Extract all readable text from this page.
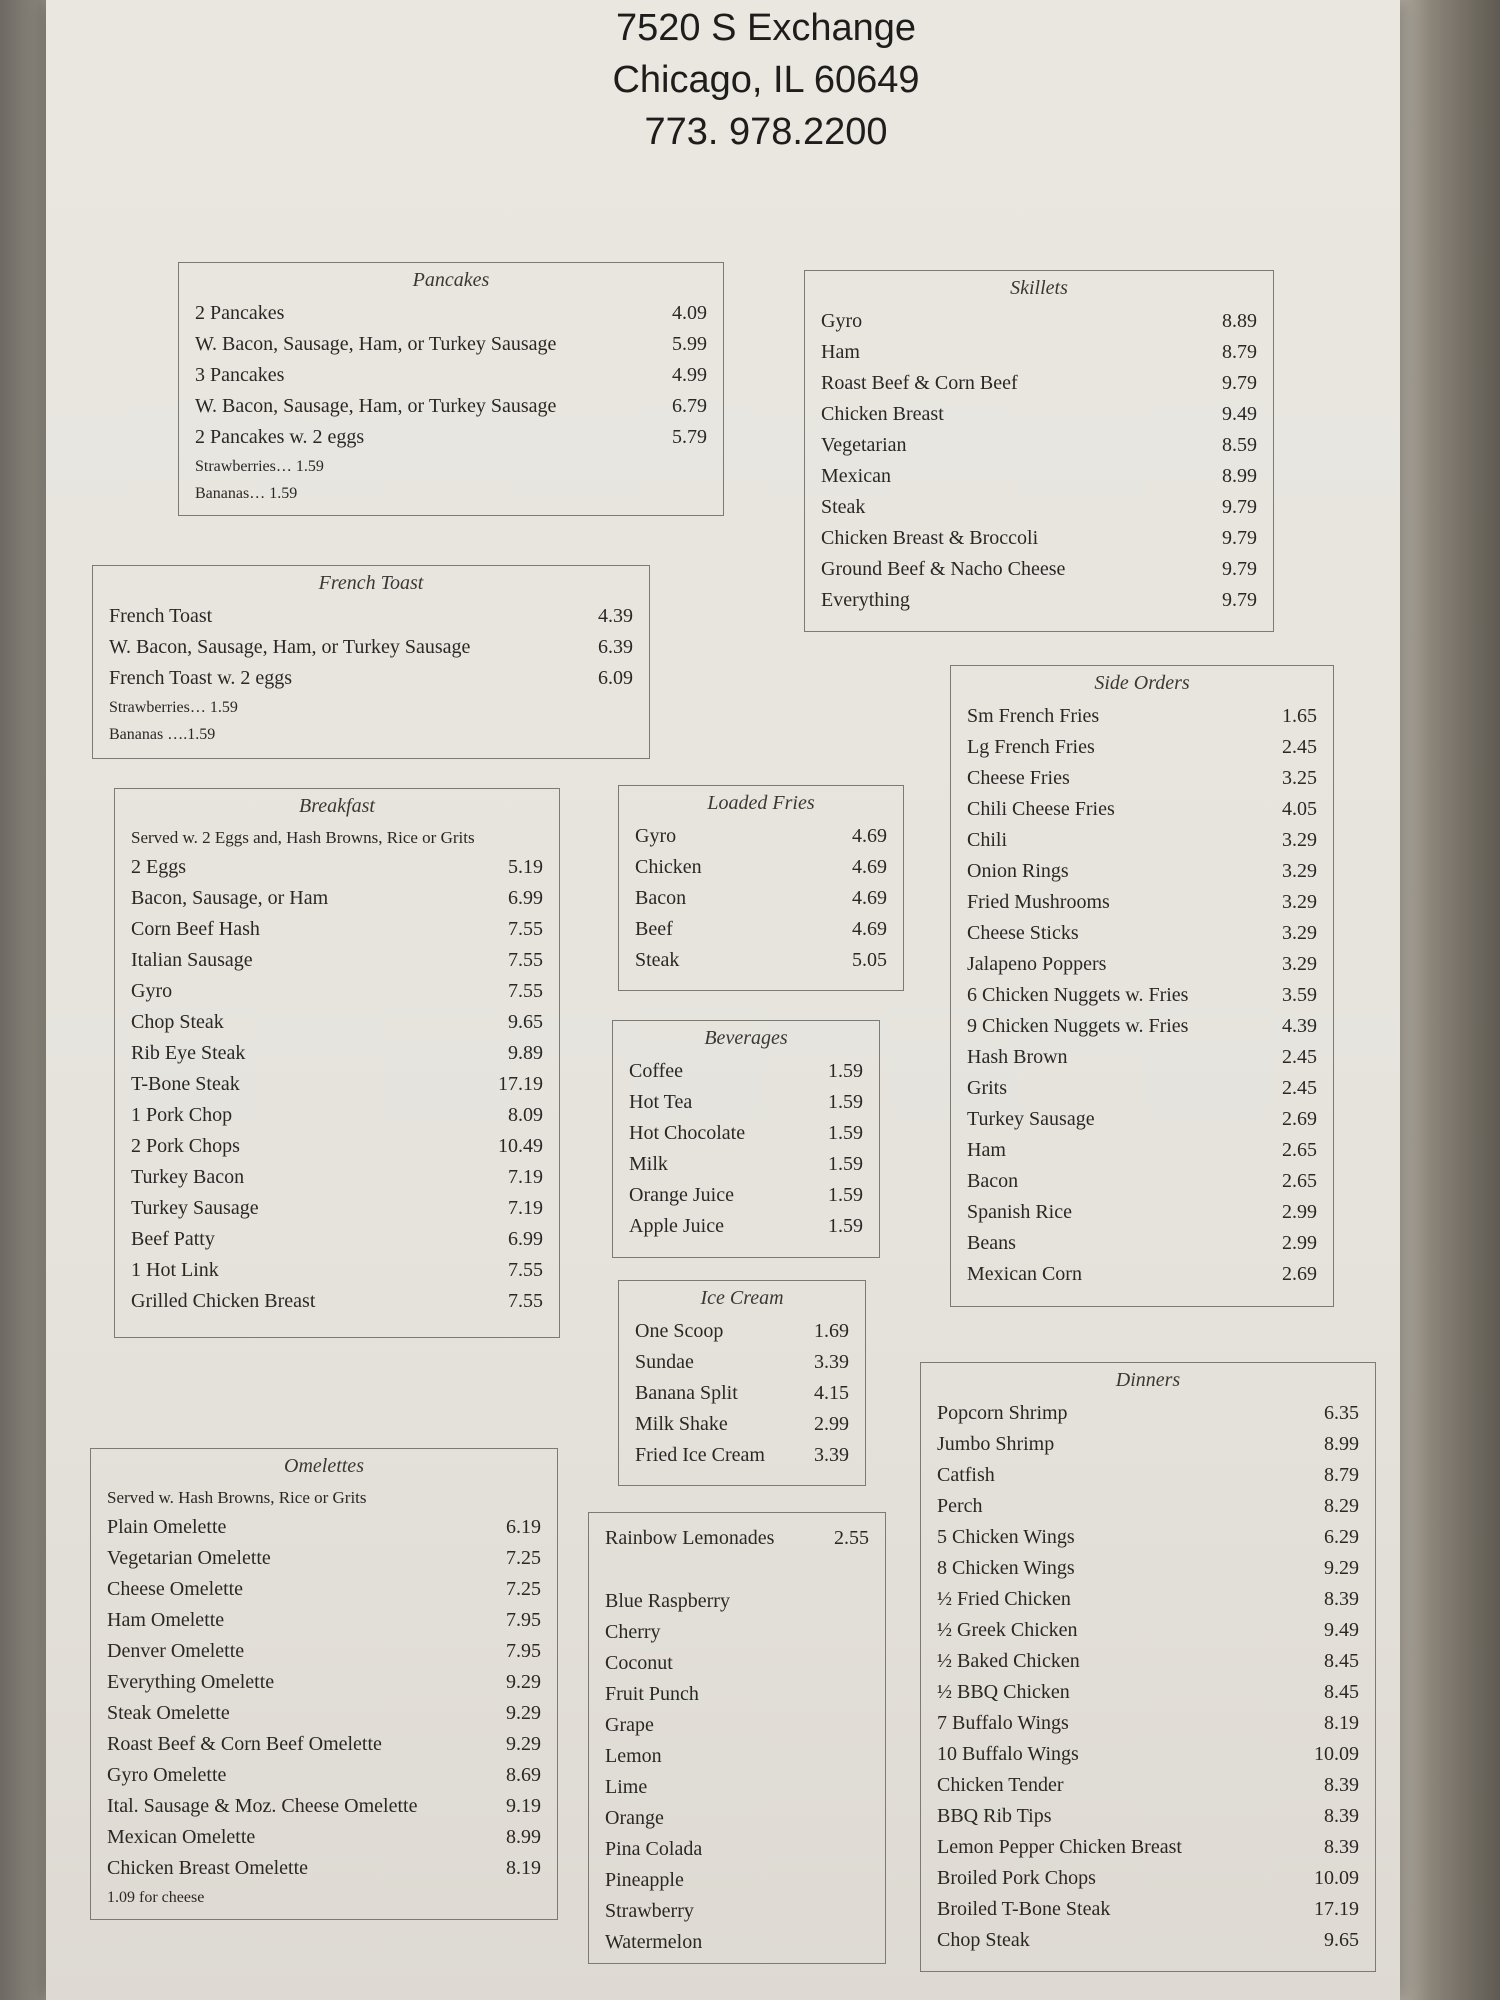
7520 S Exchange
Chicago, IL 60649
773. 978.2200
Pancakes
2 Pancakes	4.09
W. Bacon, Sausage, Ham, or Turkey Sausage	5.99
3 Pancakes	4.99
W. Bacon, Sausage, Ham, or Turkey Sausage	6.79
2 Pancakes w. 2 eggs	5.79
Strawberries… 1.59
Bananas… 1.59
Skillets
Gyro	8.89
Ham	8.79
Roast Beef & Corn Beef	9.79
Chicken Breast	9.49
Vegetarian	8.59
Mexican	8.99
Steak	9.79
Chicken Breast & Broccoli	9.79
Ground Beef & Nacho Cheese	9.79
Everything	9.79
French Toast
French Toast	4.39
W. Bacon, Sausage, Ham, or Turkey Sausage	6.39
French Toast w. 2 eggs	6.09
Strawberries… 1.59
Bananas ….1.59
Side Orders
Sm French Fries	1.65
Lg French Fries	2.45
Cheese Fries	3.25
Chili Cheese Fries	4.05
Chili	3.29
Onion Rings	3.29
Fried Mushrooms	3.29
Cheese Sticks	3.29
Jalapeno Poppers	3.29
6 Chicken Nuggets w. Fries	3.59
9 Chicken Nuggets w. Fries	4.39
Hash Brown	2.45
Grits	2.45
Turkey Sausage	2.69
Ham	2.65
Bacon	2.65
Spanish Rice	2.99
Beans	2.99
Mexican Corn	2.69
Breakfast
Served w. 2 Eggs and, Hash Browns, Rice or Grits
2 Eggs	5.19
Bacon, Sausage, or Ham	6.99
Corn Beef Hash	7.55
Italian Sausage	7.55
Gyro	7.55
Chop Steak	9.65
Rib Eye Steak	9.89
T-Bone Steak	17.19
1 Pork Chop	8.09
2 Pork Chops	10.49
Turkey Bacon	7.19
Turkey Sausage	7.19
Beef Patty	6.99
1 Hot Link	7.55
Grilled Chicken Breast	7.55
Loaded Fries
Gyro	4.69
Chicken	4.69
Bacon	4.69
Beef	4.69
Steak	5.05
Beverages
Coffee	1.59
Hot Tea	1.59
Hot Chocolate	1.59
Milk	1.59
Orange Juice	1.59
Apple Juice	1.59
Ice Cream
One Scoop	1.69
Sundae	3.39
Banana Split	4.15
Milk Shake	2.99
Fried Ice Cream	3.39
Dinners
Popcorn Shrimp	6.35
Jumbo Shrimp	8.99
Catfish	8.79
Perch	8.29
5 Chicken Wings	6.29
8 Chicken Wings	9.29
½ Fried Chicken	8.39
½ Greek Chicken	9.49
½ Baked Chicken	8.45
½ BBQ Chicken	8.45
7 Buffalo Wings	8.19
10 Buffalo Wings	10.09
Chicken Tender	8.39
BBQ Rib Tips	8.39
Lemon Pepper Chicken Breast	8.39
Broiled Pork Chops	10.09
Broiled T-Bone Steak	17.19
Chop Steak	9.65
Omelettes
Served w. Hash Browns, Rice or Grits
Plain Omelette	6.19
Vegetarian Omelette	7.25
Cheese Omelette	7.25
Ham Omelette	7.95
Denver Omelette	7.95
Everything Omelette	9.29
Steak Omelette	9.29
Roast Beef & Corn Beef Omelette	9.29
Gyro Omelette	8.69
Ital. Sausage & Moz. Cheese Omelette	9.19
Mexican Omelette	8.99
Chicken Breast Omelette	8.19
1.09 for cheese
Rainbow Lemonades	2.55
Blue Raspberry
Cherry
Coconut
Fruit Punch
Grape
Lemon
Lime
Orange
Pina Colada
Pineapple
Strawberry
Watermelon
